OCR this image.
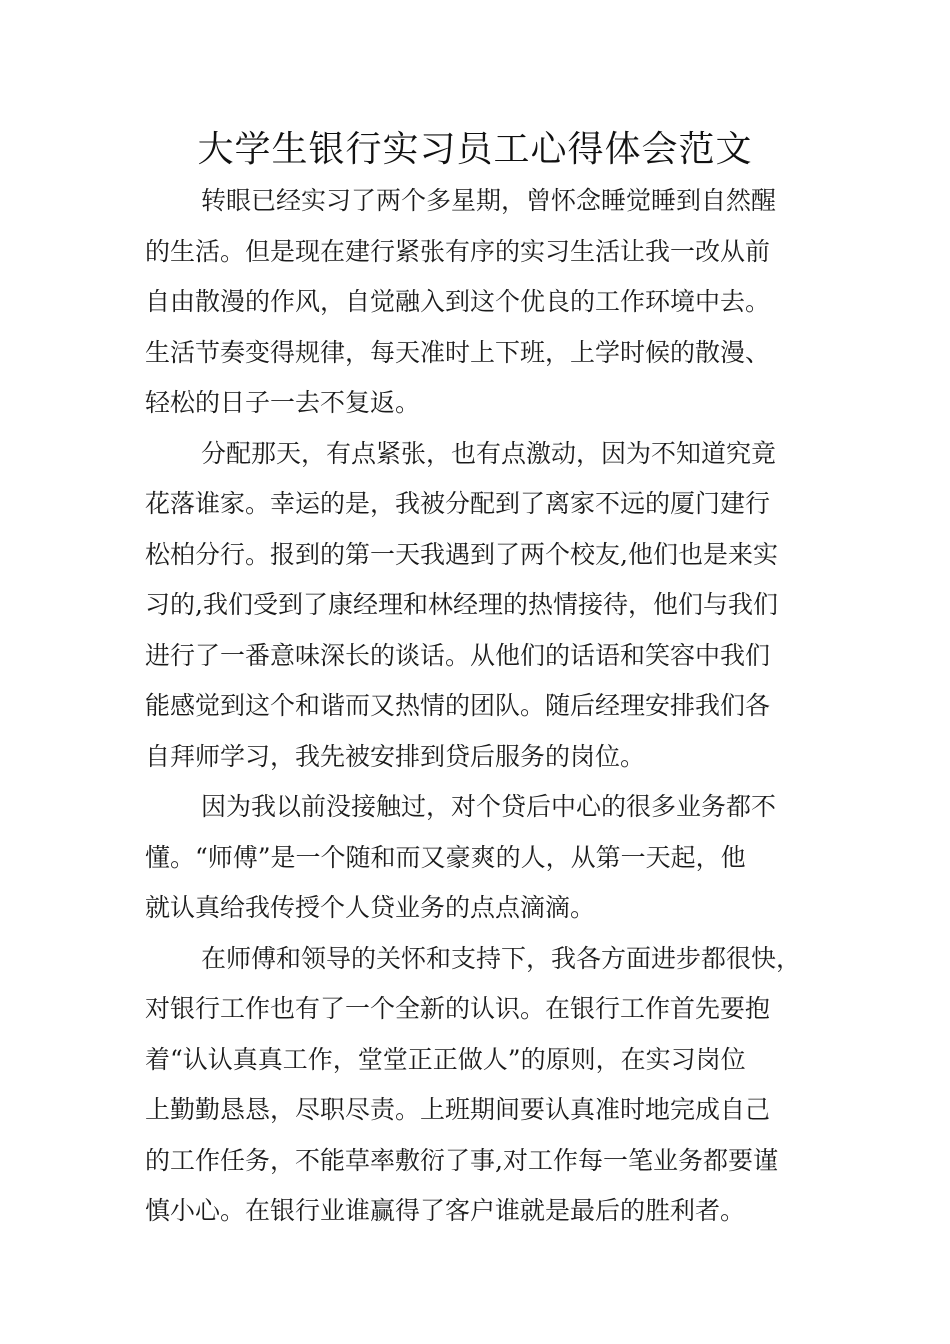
大学生银行实习员工心得体会范文

转眼已经实习了两个多星期，曾怀念睡觉睡到自然醒
的生活。但是现在建行紧张有序的实习生活让我一改从前
自由散漫的作风，自觉融入到这个优良的工作环境中去。
生活节奏变得规律，每天准时上下班，上学时候的散漫、
轻松的日子一去不复返。

分配那天，有点紧张，也有点激动，因为不知道究竟
花落谁家。幸运的是，我被分配到了离家不远的厦门建行
松柏分行。报到的第一天我遇到了两个校友,他们也是来实
习的,我们受到了康经理和林经理的热情接待，他们与我们
进行了一番意味深长的谈话。从他们的话语和笑容中我们
能感觉到这个和谐而又热情的团队。随后经理安排我们各
自拜师学习，我先被安排到贷后服务的岗位。

因为我以前没接触过，对个贷后中心的很多业务都不
懂。“师傅”是一个随和而又豪爽的人，从第一天起，他
就认真给我传授个人贷业务的点点滴滴。

在师傅和领导的关怀和支持下，我各方面进步都很快，
对银行工作也有了一个全新的认识。在银行工作首先要抱
着“认认真真工作，堂堂正正做人”的原则，在实习岗位
上勤勤恳恳，尽职尽责。上班期间要认真准时地完成自己
的工作任务，不能草率敷衍了事,对工作每一笔业务都要谨
慎小心。在银行业谁赢得了客户谁就是最后的胜利者。
